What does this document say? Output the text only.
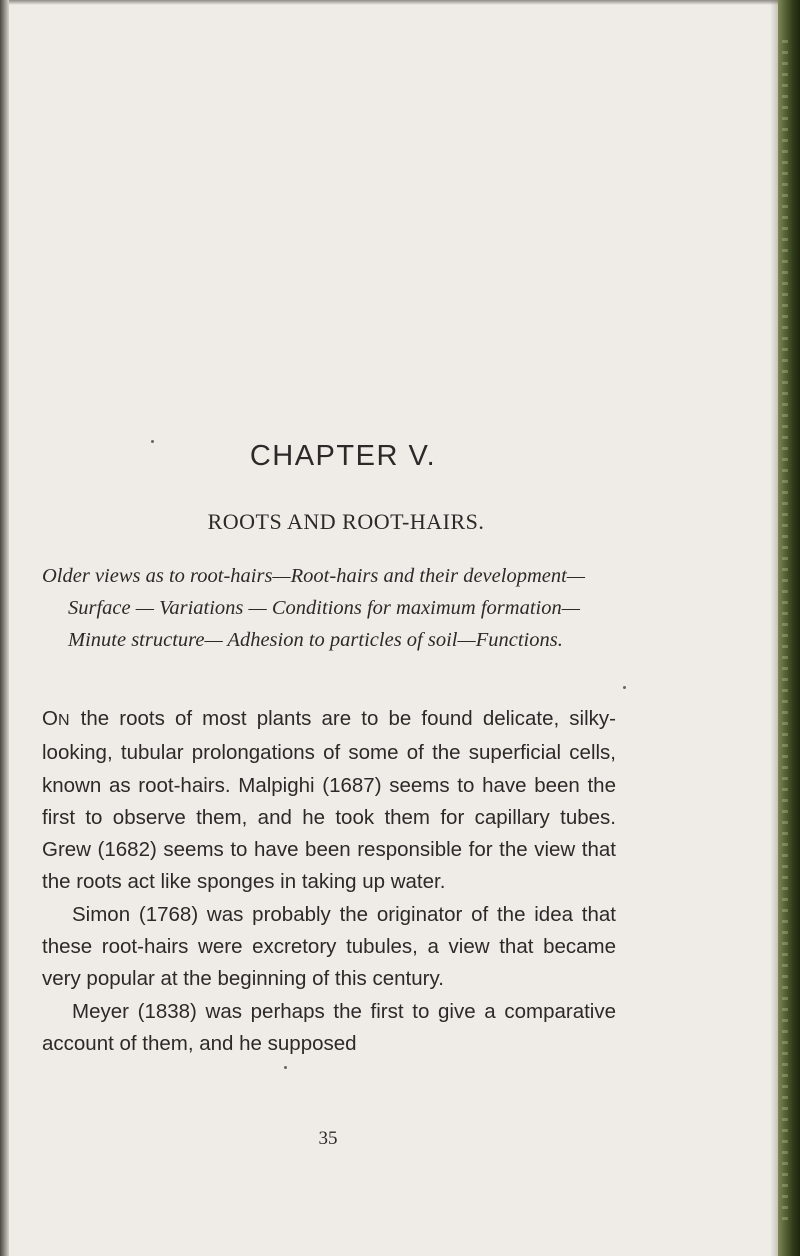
CHAPTER V.
ROOTS AND ROOT-HAIRS.

Older views as to root-hairs—Root-hairs and their development— Surface — Variations — Conditions for maximum formation— Minute structure— Adhesion to particles of soil—Functions.

ON the roots of most plants are to be found delicate, silky-looking, tubular prolongations of some of the superficial cells, known as root-hairs. Malpighi (1687) seems to have been the first to observe them, and he took them for capillary tubes. Grew (1682) seems to have been responsible for the view that the roots act like sponges in taking up water.

Simon (1768) was probably the originator of the idea that these root-hairs were excretory tubules, a view that became very popular at the beginning of this century.

Meyer (1838) was perhaps the first to give a comparative account of them, and he supposed

35
